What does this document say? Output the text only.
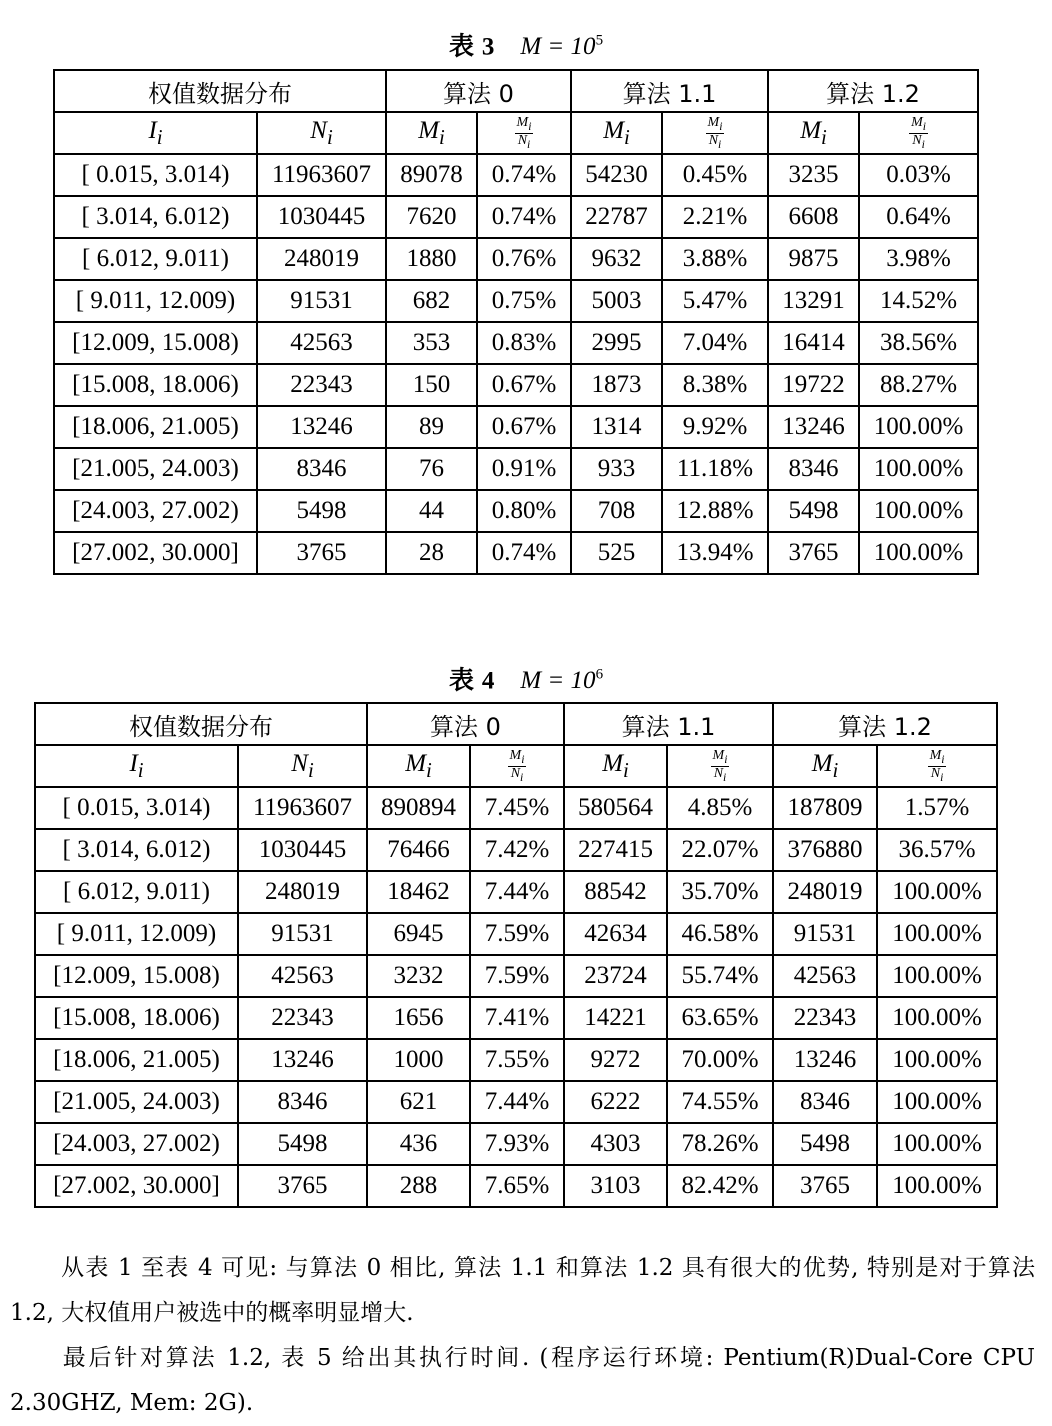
表 3 $M = 10^5$
权值数据分布		算法 0		算法 1.1		算法 1.2	
$I_i$	$N_i$	$M_i$	$\frac{M_i}{N_i}$	$M_i$	$\frac{M_i}{N_i}$	$M_i$	$\frac{M_i}{N_i}$

[ 0.015, 3.014)	11963607	89078	0.74%	54230	0.45%	3235	0.03%
[ 3.014, 6.012)	1030445	7620	0.74%	22787	2.21%	6608	0.64%
[ 6.012, 9.011)	248019	1880	0.76%	9632	3.88%	9875	3.98%
[ 9.011, 12.009)	91531	682	0.75%	5003	5.47%	13291	14.52%
[12.009, 15.008)	42563	353	0.83%	2995	7.04%	16414	38.56%
[15.008, 18.006)	22343	150	0.67%	1873	8.38%	19722	88.27%
[18.006, 21.005)	13246	89	0.67%	1314	9.92%	13246	100.00%
[21.005, 24.003)	8346	76	0.91%	933	11.18%	8346	100.00%
[24.003, 27.002)	5498	44	0.80%	708	12.88%	5498	100.00%
[27.002, 30.000]	3765	28	0.74%	525	13.94%	3765	100.00%
表 4 $M = 10^6$
权值数据分布		算法 0		算法 1.1		算法 1.2	
$I_i$	$N_i$	$M_i$	$\frac{M_i}{N_i}$	$M_i$	$\frac{M_i}{N_i}$	$M_i$	$\frac{M_i}{N_i}$

[ 0.015, 3.014)	11963607	890894	7.45%	580564	4.85%	187809	1.57%
[ 3.014, 6.012)	1030445	76466	7.42%	227415	22.07%	376880	36.57%
[ 6.012, 9.011)	248019	18462	7.44%	88542	35.70%	248019	100.00%
[ 9.011, 12.009)	91531	6945	7.59%	42634	46.58%	91531	100.00%
[12.009, 15.008)	42563	3232	7.59%	23724	55.74%	42563	100.00%
[15.008, 18.006)	22343	1656	7.41%	14221	63.65%	22343	100.00%
[18.006, 21.005)	13246	1000	7.55%	9272	70.00%	13246	100.00%
[21.005, 24.003)	8346	621	7.44%	6222	74.55%	8346	100.00%
[24.003, 27.002)	5498	436	7.93%	4303	78.26%	5498	100.00%
[27.002, 30.000]	3765	288	7.65%	3103	82.42%	3765	100.00%
从表 1 至表 4 可见: 与算法 0 相比, 算法 1.1 和算法 1.2 具有很大的优势, 特别是对于算法 1.2, 大权值用户被选中的概率明显增大.
最后针对算法 1.2, 表 5 给出其执行时间. (程序运行环境: Pentium(R)Dual-Core CPU 2.30GHZ, Mem: 2G).
